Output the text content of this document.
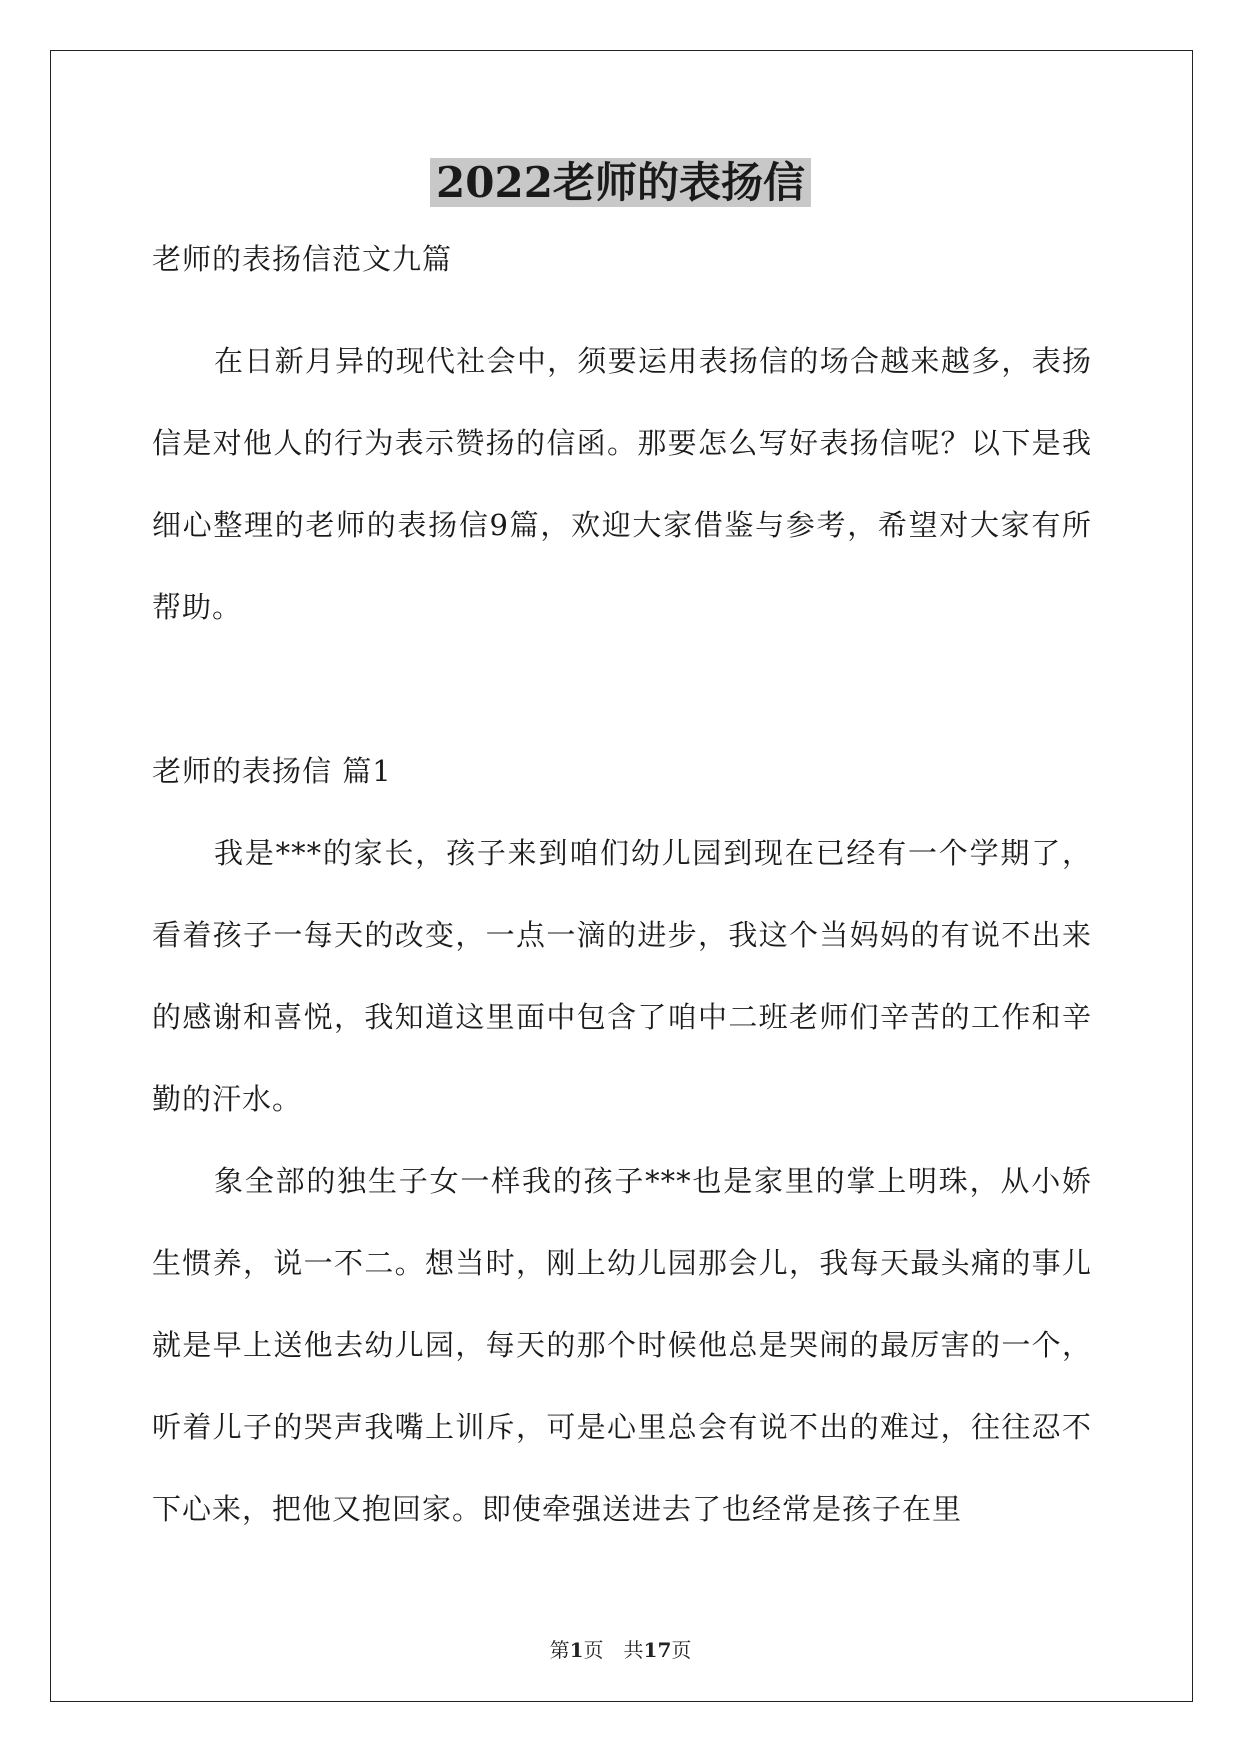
2022老师的表扬信

老师的表扬信范文九篇

在日新月异的现代社会中，须要运用表扬信的场合越来越多，表扬信是对他人的行为表示赞扬的信函。那要怎么写好表扬信呢？以下是我细心整理的老师的表扬信9篇，欢迎大家借鉴与参考，希望对大家有所帮助。

老师的表扬信 篇1

我是***的家长，孩子来到咱们幼儿园到现在已经有一个学期了，看着孩子一每天的改变，一点一滴的进步，我这个当妈妈的有说不出来的感谢和喜悦，我知道这里面中包含了咱中二班老师们辛苦的工作和辛勤的汗水。

象全部的独生子女一样我的孩子***也是家里的掌上明珠，从小娇生惯养，说一不二。想当时，刚上幼儿园那会儿，我每天最头痛的事儿就是早上送他去幼儿园，每天的那个时候他总是哭闹的最厉害的一个，听着儿子的哭声我嘴上训斥，可是心里总会有说不出的难过，往往忍不下心来，把他又抱回家。即使牵强送进去了也经常是孩子在里

第1页　共17页
